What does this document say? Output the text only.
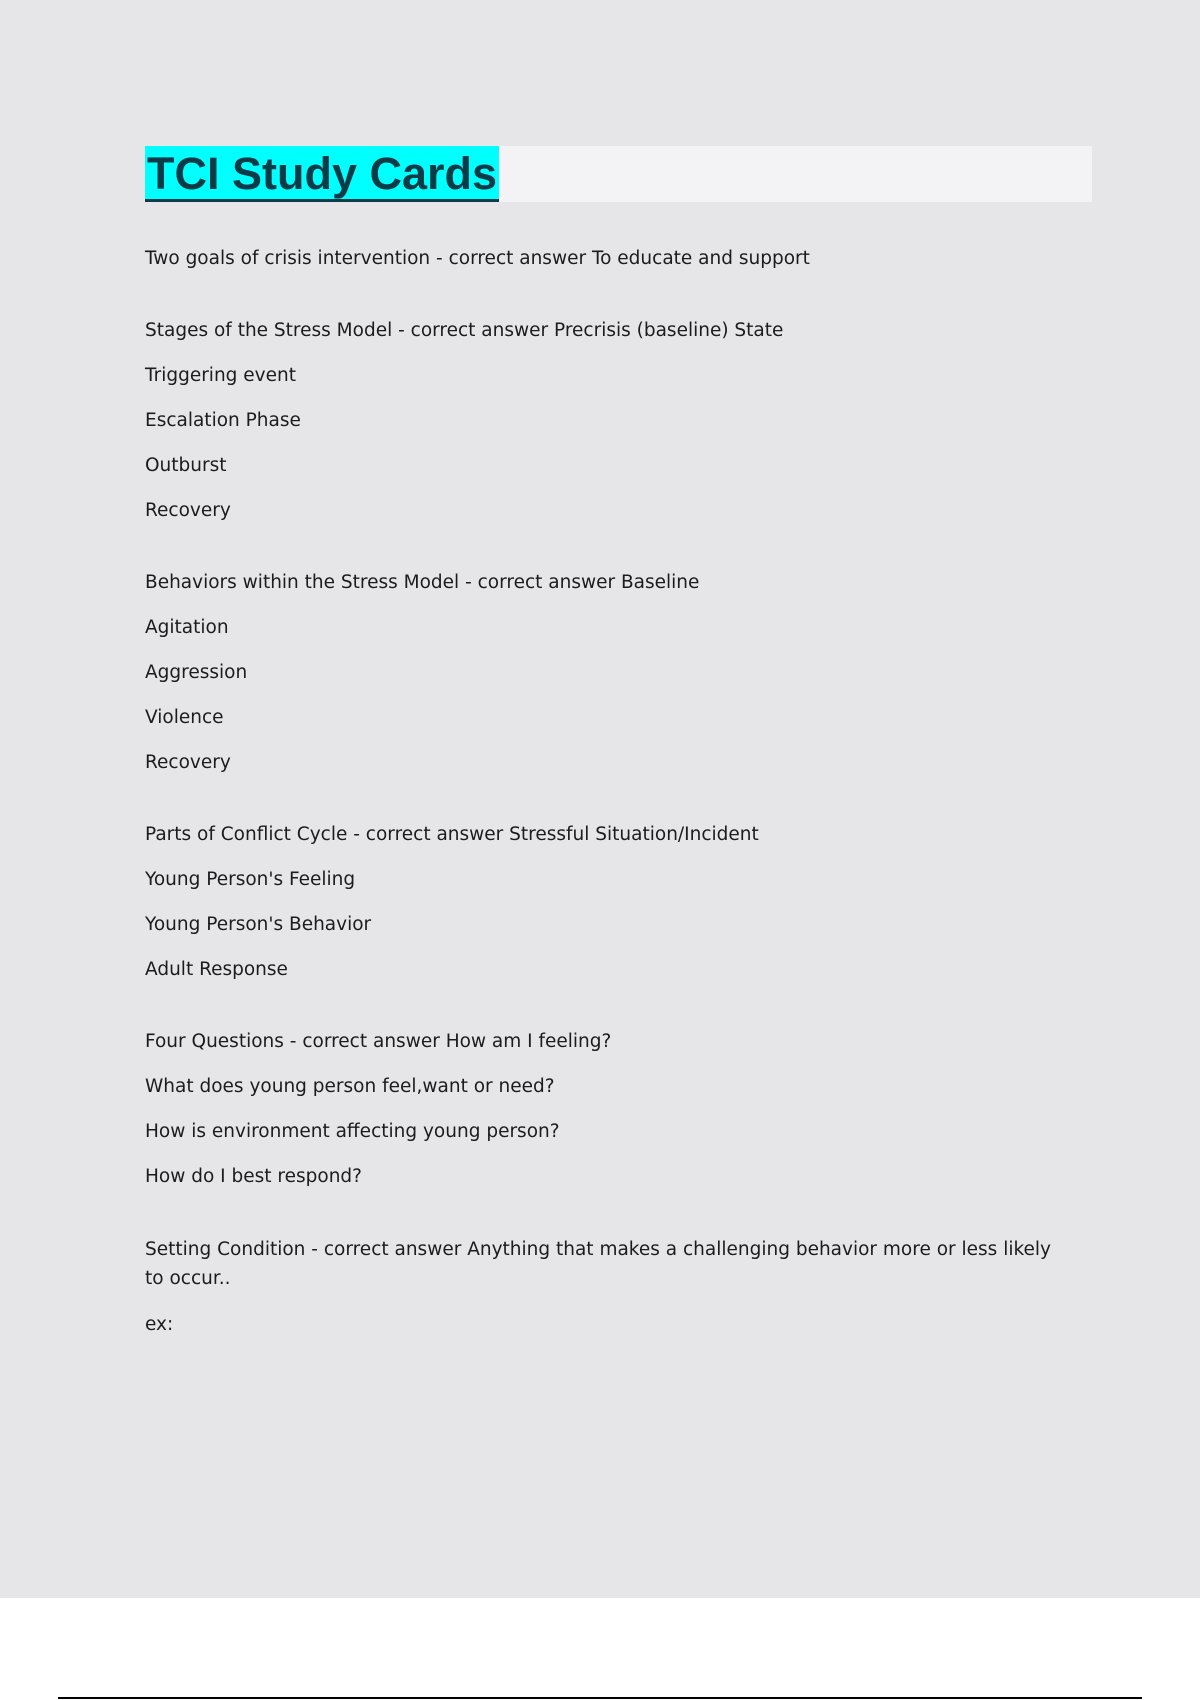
TCI Study Cards

Two goals of crisis intervention - correct answer To educate and support

Stages of the Stress Model - correct answer Precrisis (baseline) State

Triggering event

Escalation Phase

Outburst

Recovery

Behaviors within the Stress Model - correct answer Baseline

Agitation

Aggression

Violence

Recovery

Parts of Conflict Cycle - correct answer Stressful Situation/Incident

Young Person's Feeling

Young Person's Behavior

Adult Response

Four Questions - correct answer How am I feeling?

What does young person feel,want or need?

How is environment affecting young person?

How do I best respond?

Setting Condition - correct answer Anything that makes a challenging behavior more or less likely to occur..

ex:
